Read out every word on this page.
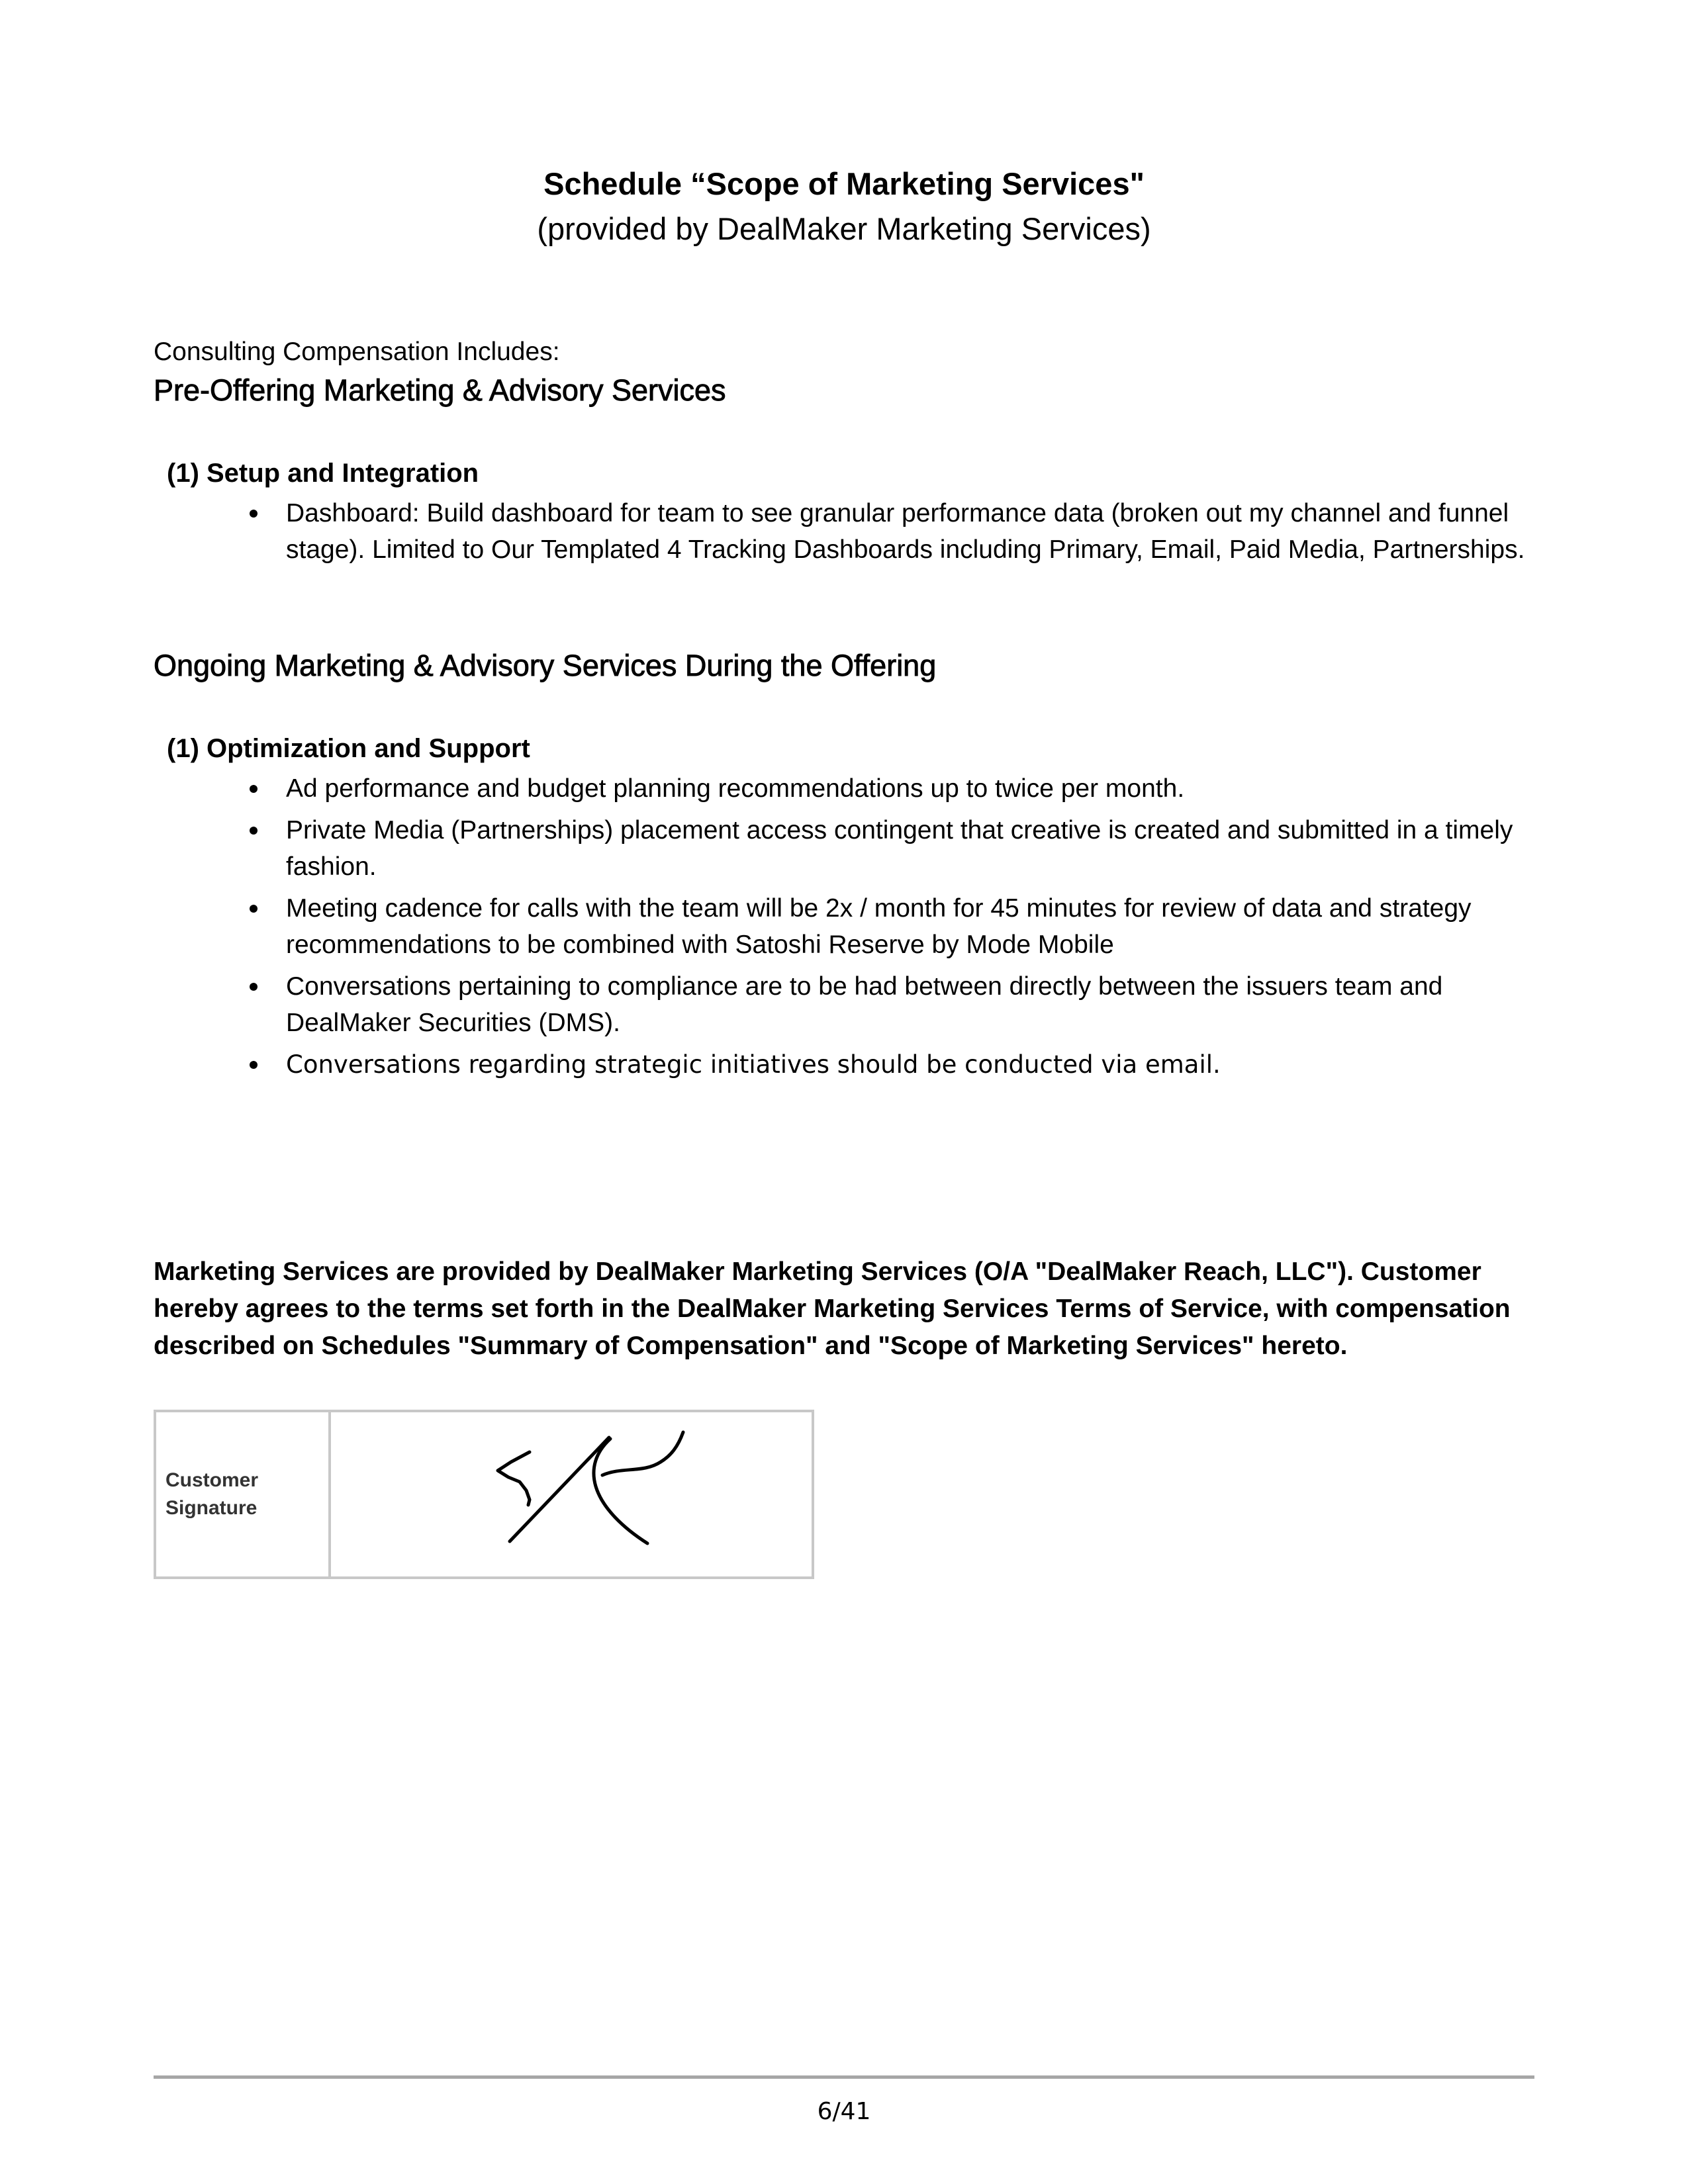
Schedule “Scope of Marketing Services"
(provided by DealMaker Marketing Services)
Consulting Compensation Includes:
Pre-Offering Marketing & Advisory Services
(1) Setup and Integration
Dashboard: Build dashboard for team to see granular performance data (broken out my channel and funnel stage). Limited to Our Templated 4 Tracking Dashboards including Primary, Email, Paid Media, Partnerships.
Ongoing Marketing & Advisory Services During the Offering
(1) Optimization and Support
Ad performance and budget planning recommendations up to twice per month.
Private Media (Partnerships) placement access contingent that creative is created and submitted in a timely fashion.
Meeting cadence for calls with the team will be 2x / month for 45 minutes for review of data and strategy recommendations to be combined with Satoshi Reserve by Mode Mobile
Conversations pertaining to compliance are to be had between directly between the issuers team and DealMaker Securities (DMS).
Conversations regarding strategic initiatives should be conducted via email.
Marketing Services are provided by DealMaker Marketing Services (O/A "DealMaker Reach, LLC"). Customer hereby agrees to the terms set forth in the DealMaker Marketing Services Terms of Service, with compensation described on Schedules "Summary of Compensation" and "Scope of Marketing Services" hereto.
Customer Signature
6/41
